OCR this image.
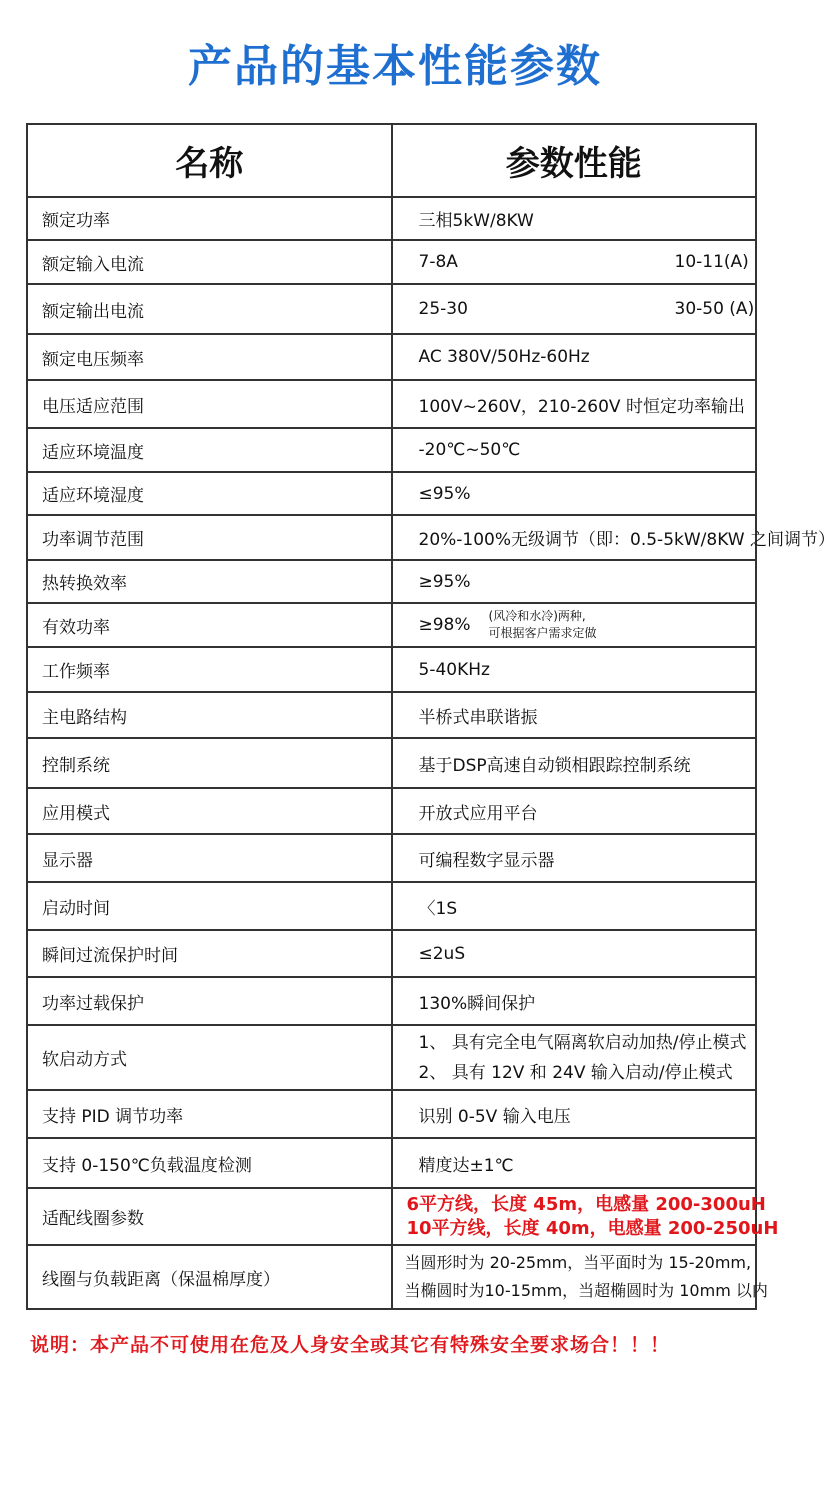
产品的基本性能参数
名称	参数性能
额定功率	三相5kW/8KW
额定输入电流	7-8A 10-11(A)

额定输出电流	25-30 30-50 (A)

额定电压频率	AC 380V/50Hz-60Hz
电压适应范围	100V~260V，210-260V 时恒定功率输出
适应环境温度	-20℃~50℃
适应环境湿度	≤95%
功率调节范围	20%-100%无级调节（即：0.5-5kW/8KW 之间调节）
热转换效率	≥95%
有效功率	≥98% (风冷和水冷)两种,
可根据客户需求定做
工作频率	5-40KHz
主电路结构	半桥式串联谐振
控制系统	基于DSP高速自动锁相跟踪控制系统
应用模式	开放式应用平台
显示器	可编程数字显示器
启动时间	〈1S
瞬间过流保护时间	≤2uS
功率过载保护	130%瞬间保护
软启动方式	1、 具有完全电气隔离软启动加热/停止模式
2、 具有 12V 和 24V 输入启动/停止模式

支持 PID 调节功率	识别 0-5V 输入电压
支持 0-150℃负载温度检测	精度达±1℃
适配线圈参数	6平方线，长度 45m，电感量 200-300uH
10平方线，长度 40m，电感量 200-250uH

线圈与负载距离（保温棉厚度）	当圆形时为 20-25mm，当平面时为 15-20mm,
当椭圆时为10-15mm，当超椭圆时为 10mm 以内
说明：本产品不可使用在危及人身安全或其它有特殊安全要求场合！！！
